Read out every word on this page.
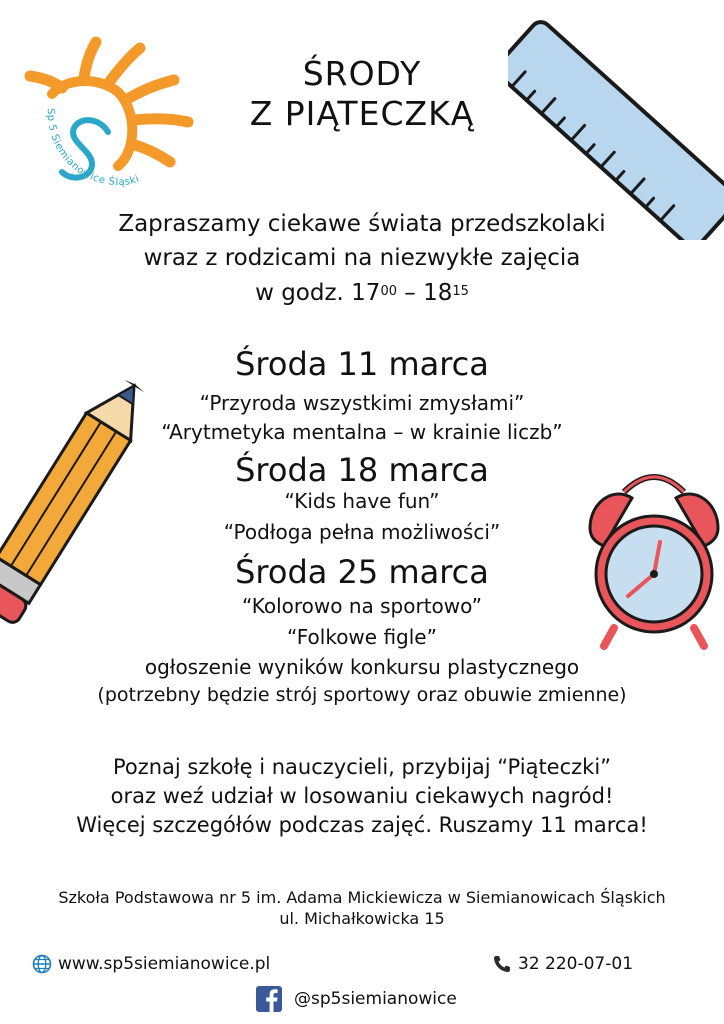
Sp 5 Siemianowice Śląski
ŚRODY
Z PIĄTECZKĄ
Zapraszamy ciekawe świata przedszkolaki
wraz z rodzicami na niezwykłe zajęcia
w godz. $17^{00} - 18^{15}$
Środa 11 marca
“Przyroda wszystkimi zmysłami”
“Arytmetyka mentalna – w krainie liczb”
Środa 18 marca
“Kids have fun”
“Podłoga pełna możliwości”
Środa 25 marca
“Kolorowo na sportowo”
“Folkowe figle”
ogłoszenie wyników konkursu plastycznego
(potrzebny będzie strój sportowy oraz obuwie zmienne)
Poznaj szkołę i nauczycieli, przybijaj “Piąteczki”
oraz weź udział w losowaniu ciekawych nagród!
Więcej szczegółów podczas zajęć. Ruszamy 11 marca!
Szkoła Podstawowa nr 5 im. Adama Mickiewicza w Siemianowicach Śląskich
ul. Michałkowicka 15
www.sp5siemianowice.pl	32 220-07-01
@sp5siemianowice
